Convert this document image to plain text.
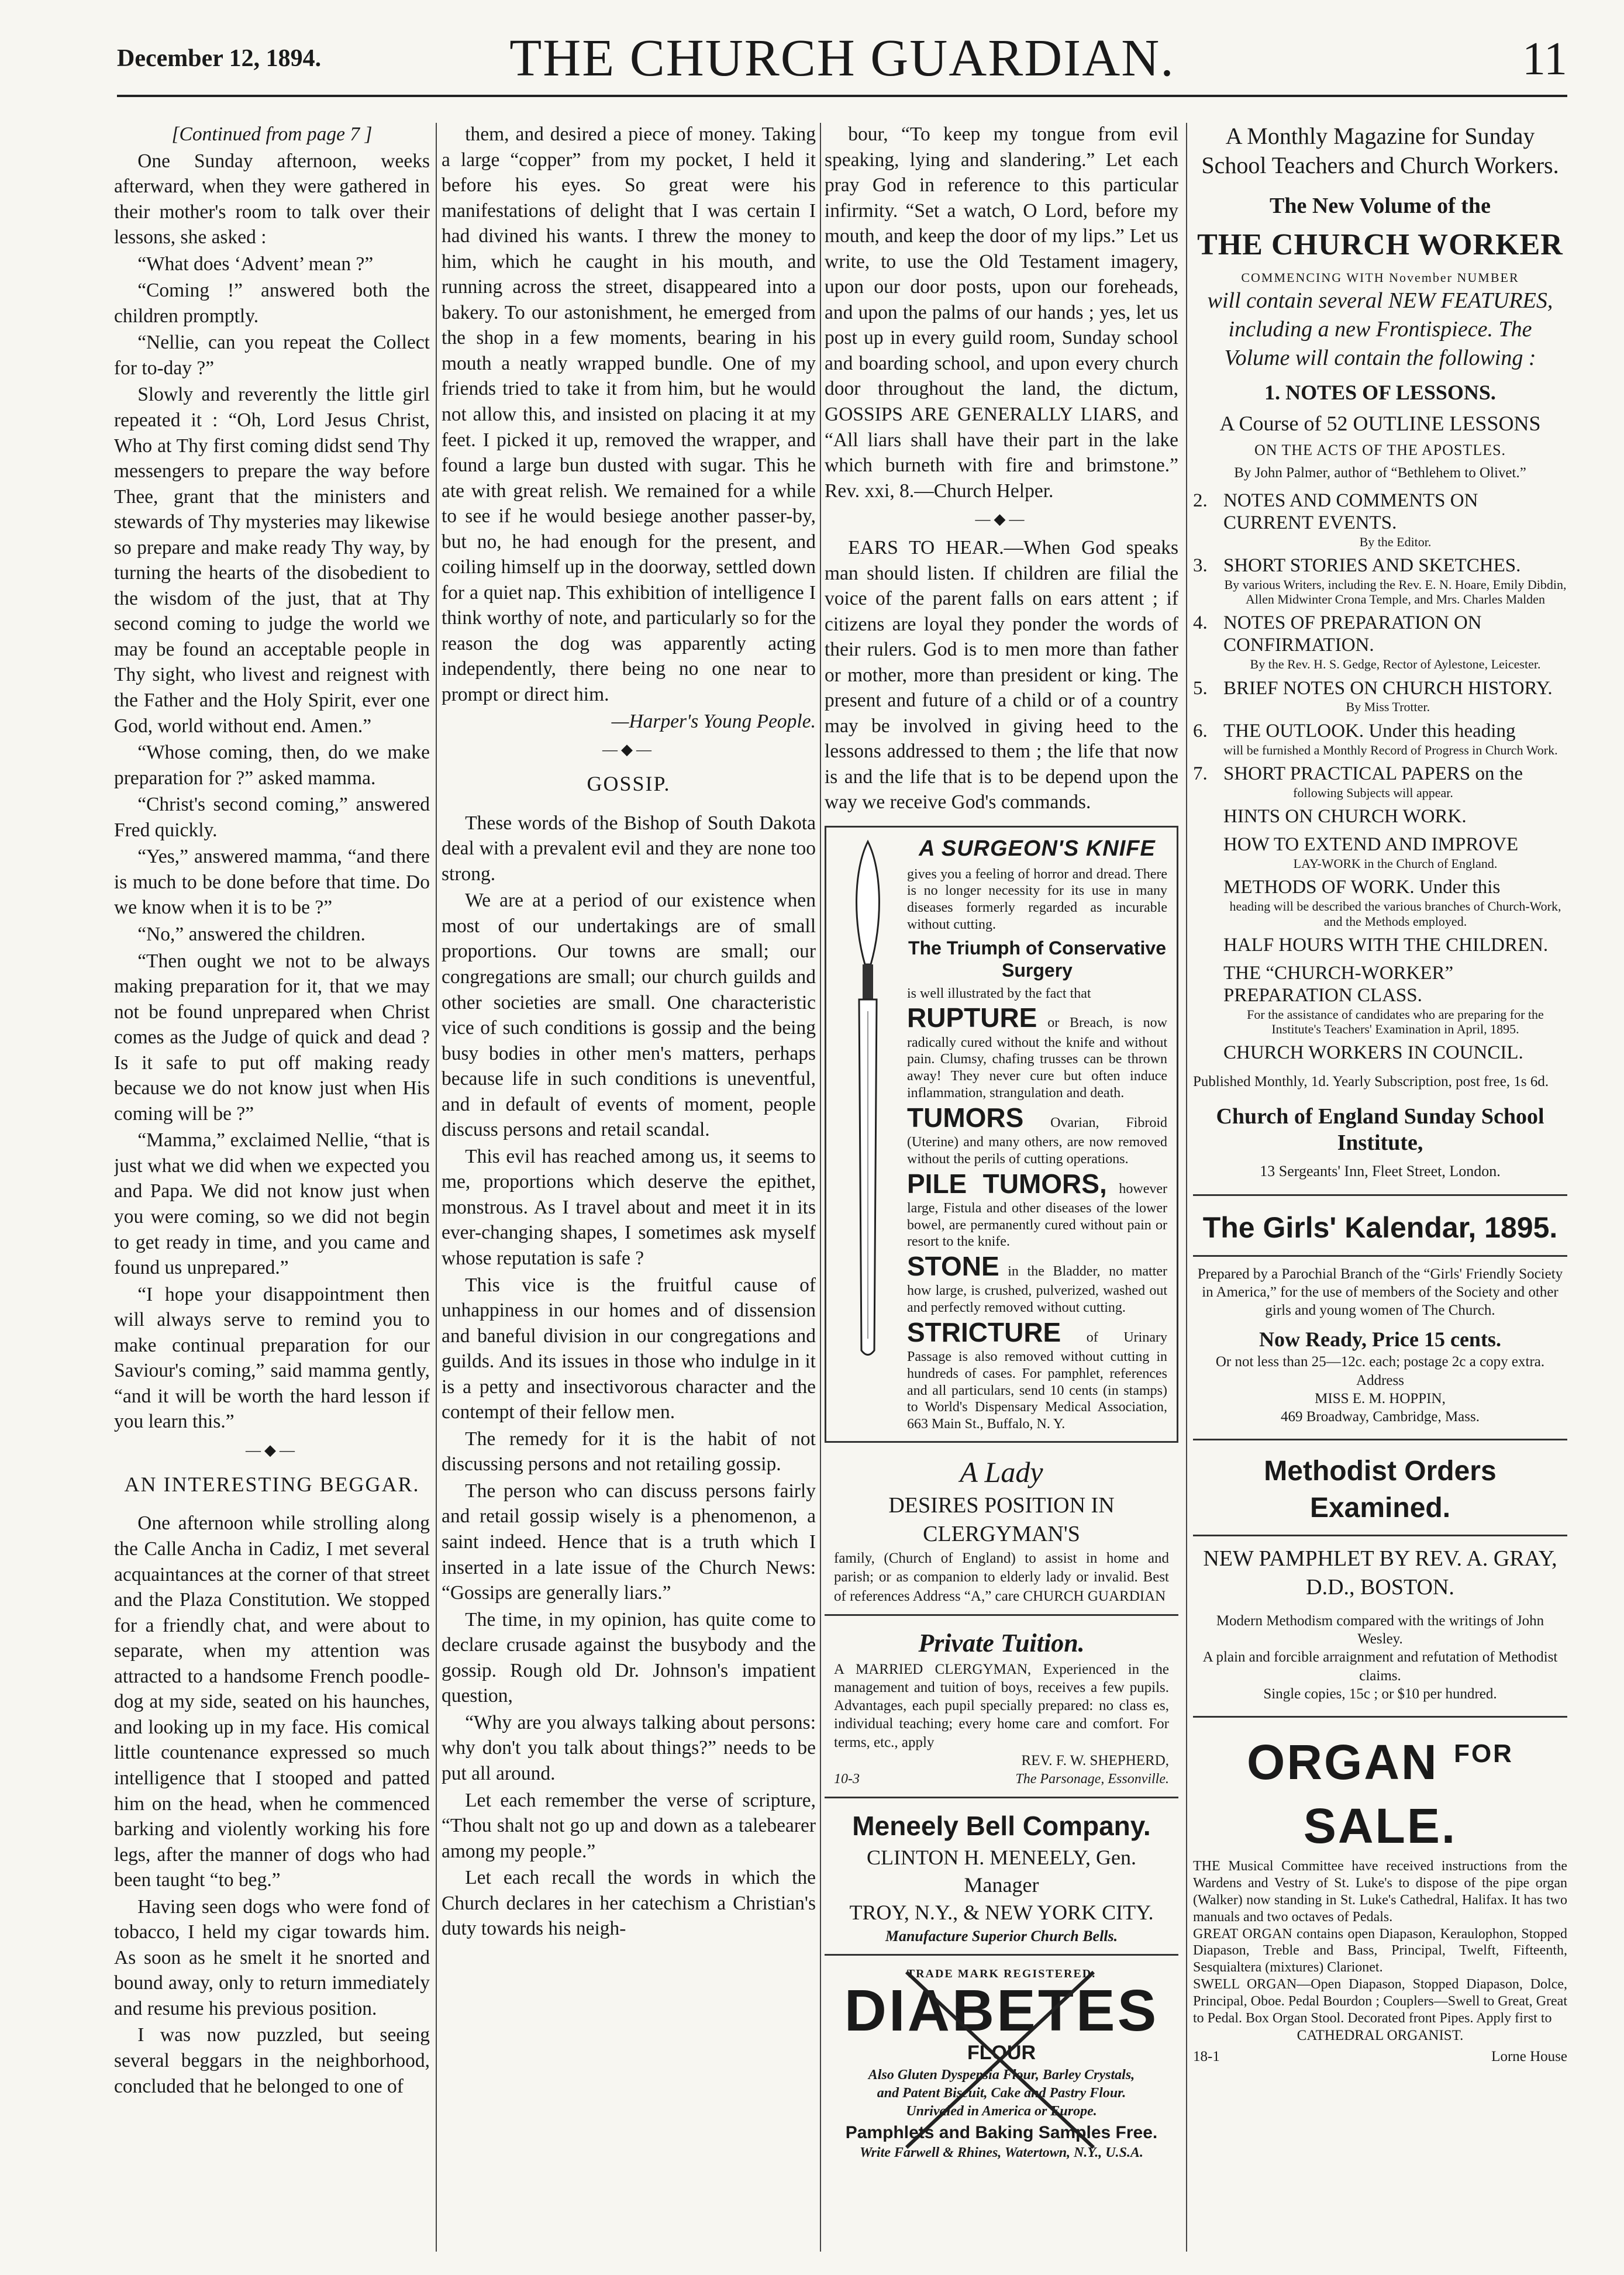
December 12, 1894.	THE CHURCH GUARDIAN.	11

[Continued from page 7 ]

One Sunday afternoon, weeks afterward, when they were gathered in their mother's room to talk over their lessons, she asked :

“What does ‘Advent’ mean ?”

“Coming !” answered both the children promptly.

“Nellie, can you repeat the Collect for to-day ?”

Slowly and reverently the little girl repeated it : “Oh, Lord Jesus Christ, Who at Thy first coming didst send Thy messengers to prepare the way before Thee, grant that the ministers and stewards of Thy mysteries may likewise so prepare and make ready Thy way, by turning the hearts of the disobedient to the wisdom of the just, that at Thy second coming to judge the world we may be found an acceptable people in Thy sight, who livest and reignest with the Father and the Holy Spirit, ever one God, world without end. Amen.”

“Whose coming, then, do we make preparation for ?” asked mamma.

“Christ's second coming,” answered Fred quickly.

“Yes,” answered mamma, “and there is much to be done before that time. Do we know when it is to be ?”

“No,” answered the children.

“Then ought we not to be always making preparation for it, that we may not be found unprepared when Christ comes as the Judge of quick and dead ? Is it safe to put off making ready because we do not know just when His coming will be ?”

“Mamma,” exclaimed Nellie, “that is just what we did when we expected you and Papa. We did not know just when you were coming, so we did not begin to get ready in time, and you came and found us unprepared.”

“I hope your disappointment then will always serve to remind you to make continual preparation for our Saviour's coming,” said mamma gently, “and it will be worth the hard lesson if you learn this.”

—◆—
AN INTERESTING BEGGAR.

One afternoon while strolling along the Calle Ancha in Cadiz, I met several acquaintances at the corner of that street and the Plaza Constitution. We stopped for a friendly chat, and were about to separate, when my attention was attracted to a handsome French poodle-dog at my side, seated on his haunches, and looking up in my face. His comical little countenance expressed so much intelligence that I stooped and patted him on the head, when he commenced barking and violently working his fore legs, after the manner of dogs who had been taught “to beg.”

Having seen dogs who were fond of tobacco, I held my cigar towards him. As soon as he smelt it he snorted and bound away, only to return immediately and resume his previous position.

I was now puzzled, but seeing several beggars in the neighborhood, concluded that he belonged to one of

them, and desired a piece of money. Taking a large “copper” from my pocket, I held it before his eyes. So great were his manifestations of delight that I was certain I had divined his wants. I threw the money to him, which he caught in his mouth, and running across the street, disappeared into a bakery. To our astonishment, he emerged from the shop in a few moments, bearing in his mouth a neatly wrapped bundle. One of my friends tried to take it from him, but he would not allow this, and insisted on placing it at my feet. I picked it up, removed the wrapper, and found a large bun dusted with sugar. This he ate with great relish. We remained for a while to see if he would besiege another passer-by, but no, he had enough for the present, and coiling himself up in the doorway, settled down for a quiet nap. This exhibition of intelligence I think worthy of note, and particularly so for the reason the dog was apparently acting independently, there being no one near to prompt or direct him.

—Harper's Young People.

—◆—
GOSSIP.

These words of the Bishop of South Dakota deal with a prevalent evil and they are none too strong.

We are at a period of our existence when most of our undertakings are of small proportions. Our towns are small; our congregations are small; our church guilds and other societies are small. One characteristic vice of such conditions is gossip and the being busy bodies in other men's matters, perhaps because life in such conditions is uneventful, and in default of events of moment, people discuss persons and retail scandal.

This evil has reached among us, it seems to me, proportions which deserve the epithet, monstrous. As I travel about and meet it in its ever-changing shapes, I sometimes ask myself whose reputation is safe ?

This vice is the fruitful cause of unhappiness in our homes and of dissension and baneful division in our congregations and guilds. And its issues in those who indulge in it is a petty and insectivorous character and the contempt of their fellow men.

The remedy for it is the habit of not discussing persons and not retailing gossip.

The person who can discuss persons fairly and retail gossip wisely is a phenomenon, a saint indeed. Hence that is a truth which I inserted in a late issue of the Church News: “Gossips are generally liars.”

The time, in my opinion, has quite come to declare crusade against the busybody and the gossip. Rough old Dr. Johnson's impatient question,

“Why are you always talking about persons: why don't you talk about things?” needs to be put all around.

Let each remember the verse of scripture, “Thou shalt not go up and down as a talebearer among my people.”

Let each recall the words in which the Church declares in her catechism a Christian's duty towards his neigh-

bour, “To keep my tongue from evil speaking, lying and slandering.” Let each pray God in reference to this particular infirmity. “Set a watch, O Lord, before my mouth, and keep the door of my lips.” Let us write, to use the Old Testament imagery, upon our door posts, upon our foreheads, and upon the palms of our hands ; yes, let us post up in every guild room, Sunday school and boarding school, and upon every church door throughout the land, the dictum, GOSSIPS ARE GENERALLY LIARS, and “All liars shall have their part in the lake which burneth with fire and brimstone.” Rev. xxi, 8.—Church Helper.

—◆—

EARS TO HEAR.—When God speaks man should listen. If children are filial the voice of the parent falls on ears attent ; if citizens are loyal they ponder the words of their rulers. God is to men more than father or mother, more than president or king. The present and future of a child or of a country may be involved in giving heed to the lessons addressed to them ; the life that now is and the life that is to be depend upon the way we receive God's commands.

A SURGEON'S KNIFE
gives you a feeling of horror and dread. There is no longer necessity for its use in many diseases formerly regarded as incurable without cutting.
The Triumph of Conservative Surgery
is well illustrated by the fact that
RUPTURE or Breach, is now radically cured without the knife and without pain. Clumsy, chafing trusses can be thrown away! They never cure but often induce inflammation, strangulation and death.
TUMORS Ovarian, Fibroid (Uterine) and many others, are now removed without the perils of cutting operations.
PILE TUMORS, however large, Fistula and other diseases of the lower bowel, are permanently cured without pain or resort to the knife.
STONE in the Bladder, no matter how large, is crushed, pulverized, washed out and perfectly removed without cutting.
STRICTURE of Urinary Passage is also removed without cutting in hundreds of cases. For pamphlet, references and all particulars, send 10 cents (in stamps) to World's Dispensary Medical Association, 663 Main St., Buffalo, N. Y.
A Lady
DESIRES POSITION IN CLERGYMAN'S
family, (Church of England) to assist in home and parish; or as companion to elderly lady or invalid. Best of references Address “A,” care CHURCH GUARDIAN
Private Tuition.
A MARRIED CLERGYMAN, Experienced in the management and tuition of boys, receives a few pupils. Advantages, each pupil specially prepared: no class es, individual teaching; every home care and comfort. For terms, etc., apply
REV. F. W. SHEPHERD,
10-3	The Parsonage, Essonville.
Meneely Bell Company.
CLINTON H. MENEELY, Gen. Manager
TROY, N.Y., & NEW YORK CITY.
Manufacture Superior Church Bells.
TRADE MARK REGISTERED.
DIABETES FLOUR
Also Gluten Dyspepsia Flour, Barley Crystals,
and Patent Biscuit, Cake and Pastry Flour.
Unrivaled in America or Europe.
Pamphlets and Baking Samples Free.
Write Farwell & Rhines, Watertown, N.Y., U.S.A.
A Monthly Magazine for Sunday School Teachers and Church Workers.
The New Volume of the
THE CHURCH WORKER
COMMENCING WITH November NUMBER
will contain several NEW FEATURES, including a new Frontispiece. The Volume will contain the following :
1. NOTES OF LESSONS.
A Course of 52 OUTLINE LESSONS
ON THE ACTS OF THE APOSTLES.
By John Palmer, author of “Bethlehem to Olivet.”
2. NOTES AND COMMENTS ON CURRENT EVENTS.
By the Editor.
3. SHORT STORIES AND SKETCHES.
By various Writers, including the Rev. E. N. Hoare, Emily Dibdin, Allen Midwinter Crona Temple, and Mrs. Charles Malden
4. NOTES OF PREPARATION ON CONFIRMATION.
By the Rev. H. S. Gedge, Rector of Aylestone, Leicester.
5. BRIEF NOTES ON CHURCH HISTORY.
By Miss Trotter.
6. THE OUTLOOK. Under this heading
will be furnished a Monthly Record of Progress in Church Work.
7. SHORT PRACTICAL PAPERS on the
following Subjects will appear.
HINTS ON CHURCH WORK.
HOW TO EXTEND AND IMPROVE
LAY-WORK in the Church of England.
METHODS OF WORK. Under this
heading will be described the various branches of Church-Work, and the Methods employed.
HALF HOURS WITH THE CHILDREN.
THE “CHURCH-WORKER” PREPARATION CLASS.
For the assistance of candidates who are preparing for the Institute's Teachers' Examination in April, 1895.
CHURCH WORKERS IN COUNCIL.
Published Monthly, 1d. Yearly Subscription, post free, 1s 6d.
Church of England Sunday School Institute,
13 Sergeants' Inn, Fleet Street, London.
The Girls' Kalendar, 1895.
Prepared by a Parochial Branch of the “Girls' Friendly Society in America,” for the use of members of the Society and other girls and young women of The Church.
Now Ready, Price 15 cents.
Or not less than 25—12c. each; postage 2c a copy extra. Address
MISS E. M. HOPPIN,
469 Broadway, Cambridge, Mass.
Methodist Orders Examined.
NEW PAMPHLET BY REV. A. GRAY, D.D., BOSTON.
Modern Methodism compared with the writings of John Wesley.
A plain and forcible arraignment and refutation of Methodist claims.
Single copies, 15c ; or $10 per hundred.
ORGAN $^{FOR}$ SALE.
THE Musical Committee have received instructions from the Wardens and Vestry of St. Luke's to dispose of the pipe organ (Walker) now standing in St. Luke's Cathedral, Halifax. It has two manuals and two octaves of Pedals.
GREAT ORGAN contains open Diapason, Keraulophon, Stopped Diapason, Treble and Bass, Principal, Twelft, Fifteenth, Sesquialtera (mixtures) Clarionet.
SWELL ORGAN—Open Diapason, Stopped Diapason, Dolce, Principal, Oboe. Pedal Bourdon ; Couplers—Swell to Great, Great to Pedal. Box Organ Stool. Decorated front Pipes. Apply first to
CATHEDRAL ORGANIST.
18-1	Lorne House
